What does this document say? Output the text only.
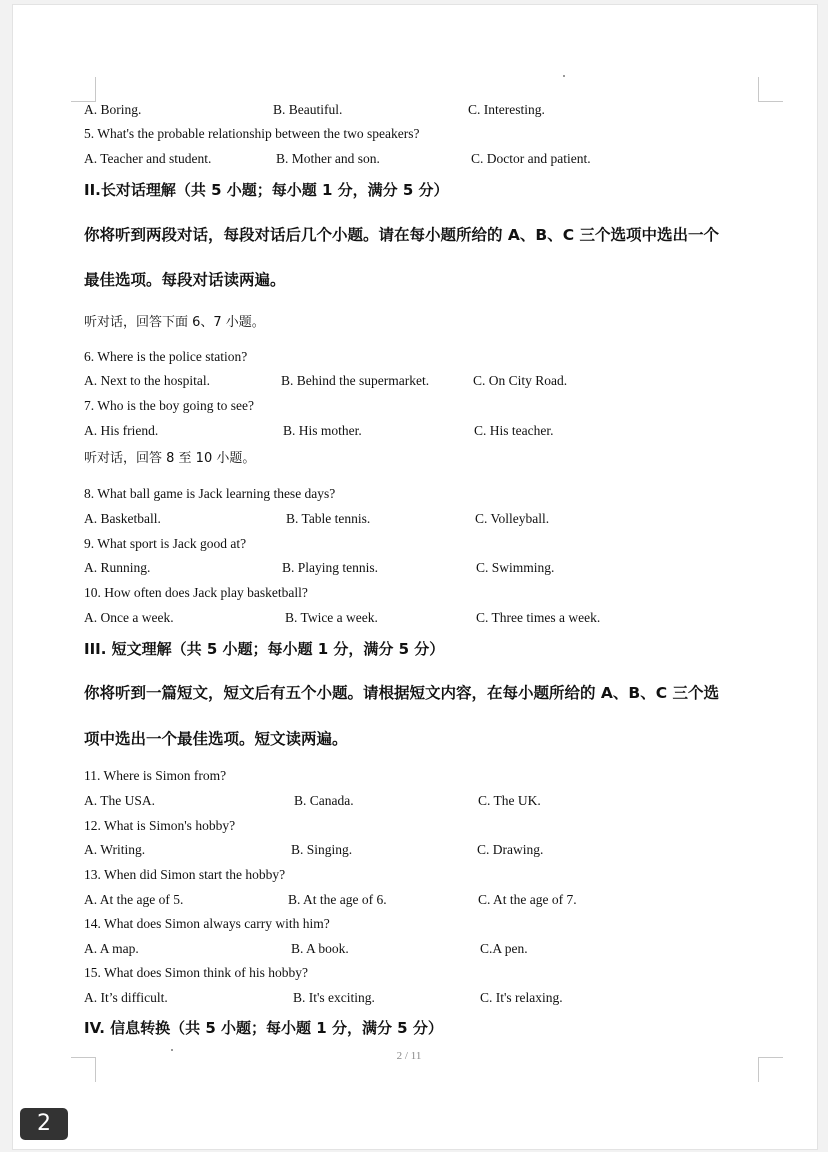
A. Boring.	B. Beautiful.	C. Interesting.
5. What's the probable relationship between the two speakers?
A. Teacher and student.	B. Mother and son.	C. Doctor and patient.
II.长对话理解（共 5 小题；每小题 1 分，满分 5 分）
你将听到两段对话，每段对话后几个小题。请在每小题所给的 A、B、C 三个选项中选出一个
最佳选项。每段对话读两遍。
听对话，回答下面 6、7 小题。
6. Where is the police station?
A. Next to the hospital.	B. Behind the supermarket.	C. On City Road.
7. Who is the boy going to see?
A. His friend.	B. His mother.	C. His teacher.
听对话，回答 8 至 10 小题。
8. What ball game is Jack learning these days?
A. Basketball.	B. Table tennis.	C. Volleyball.
9. What sport is Jack good at?
A. Running.	B. Playing tennis.	C. Swimming.
10. How often does Jack play basketball?
A. Once a week.	B. Twice a week.	C. Three times a week.
III. 短文理解（共 5 小题；每小题 1 分，满分 5 分）
你将听到一篇短文，短文后有五个小题。请根据短文内容，在每小题所给的 A、B、C 三个选
项中选出一个最佳选项。短文读两遍。
11. Where is Simon from?
A. The USA.	B. Canada.	C. The UK.
12. What is Simon's hobby?
A. Writing.	B. Singing.	C. Drawing.
13. When did Simon start the hobby?
A. At the age of 5.	B. At the age of 6.	C. At the age of 7.
14. What does Simon always carry with him?
A. A map.	B. A book.	C.A pen.
15. What does Simon think of his hobby?
A. It’s difficult.	B. It's exciting.	C. It's relaxing.
IV. 信息转换（共 5 小题；每小题 1 分，满分 5 分）
2 / 11
2
